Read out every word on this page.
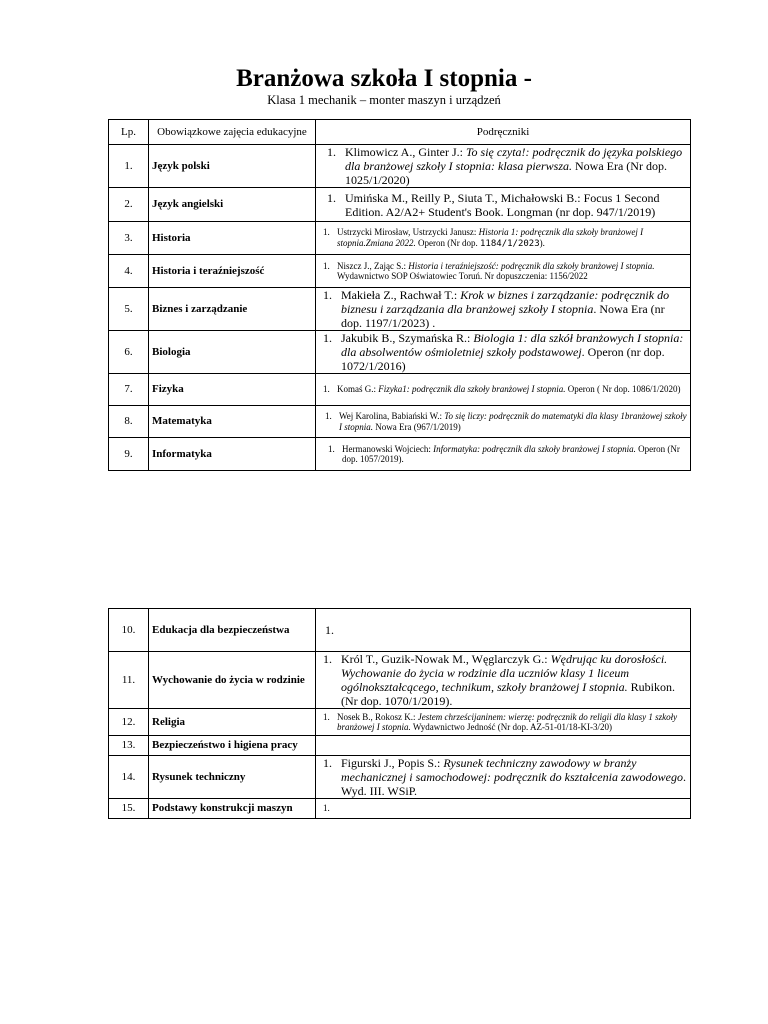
Branżowa szkoła I stopnia -
Klasa 1 mechanik – monter maszyn i urządzeń
Lp.	Obowiązkowe zajęcia edukacyjne	Podręczniki
1.	Język polski	1. Klimowicz A., Ginter J.: To się czyta!: podręcznik do języka polskiego dla branżowej szkoły I stopnia: klasa pierwsza. Nowa Era (Nr dop. 1025/1/2020)

2.	Język angielski	1. Umińska M., Reilly P., Siuta T., Michałowski B.: Focus 1 Second Edition. A2/A2+ Student's Book. Longman (nr dop. 947/1/2019)

3.	Historia	1. Ustrzycki Mirosław, Ustrzycki Janusz: Historia 1: podręcznik dla szkoły branżowej I stopnia.Zmiana 2022. Operon (Nr dop. 1184/1/2023).

4.	Historia i teraźniejszość	1. Niszcz J., Zając S.: Historia i teraźniejszość: podręcznik dla szkoły branżowej I stopnia. Wydawnictwo SOP Oświatowiec Toruń. Nr dopuszczenia: 1156/2022

5.	Biznes i zarządzanie	1. Makieła Z., Rachwał T.: Krok w biznes i zarządzanie: podręcznik do biznesu i zarządzania dla branżowej szkoły I stopnia. Nowa Era (nr dop. 1197/1/2023) .

6.	Biologia	1. Jakubik B., Szymańska R.: Biologia 1: dla szkół branżowych I stopnia: dla absolwentów ośmioletniej szkoły podstawowej. Operon (nr dop. 1072/1/2016)

7.	Fizyka	1. Komaś G.: Fizyka1: podręcznik dla szkoły branżowej I stopnia. Operon ( Nr dop. 1086/1/2020)

8.	Matematyka	1. Wej Karolina, Babiański W.: To się liczy: podręcznik do matematyki dla klasy 1branżowej szkoły I stopnia. Nowa Era (967/1/2019)

9.	Informatyka	1. Hermanowski Wojciech: Informatyka: podręcznik dla szkoły branżowej I stopnia. Operon (Nr dop. 1057/2019).
10.	Edukacja dla bezpieczeństwa	1.

11.	Wychowanie do życia w rodzinie	1. Król T., Guzik-Nowak M., Węglarczyk G.: Wędrując ku dorosłości. Wychowanie do życia w rodzinie dla uczniów klasy 1 liceum ogólnokształcącego, technikum, szkoły branżowej I stopnia. Rubikon. (Nr dop. 1070/1/2019).

12.	Religia	1. Nosek B., Rokosz K.: Jestem chrześcijaninem: wierzę: podręcznik do religii dla klasy 1 szkoły branżowej I stopnia. Wydawnictwo Jedność (Nr dop. AZ-51-01/18-KI-3/20)

13.	Bezpieczeństwo i higiena pracy	
14.	Rysunek techniczny	1. Figurski J., Popis S.: Rysunek techniczny zawodowy w branży mechanicznej i samochodowej: podręcznik do kształcenia zawodowego. Wyd. III. WSiP.

15.	Podstawy konstrukcji maszyn	1.
